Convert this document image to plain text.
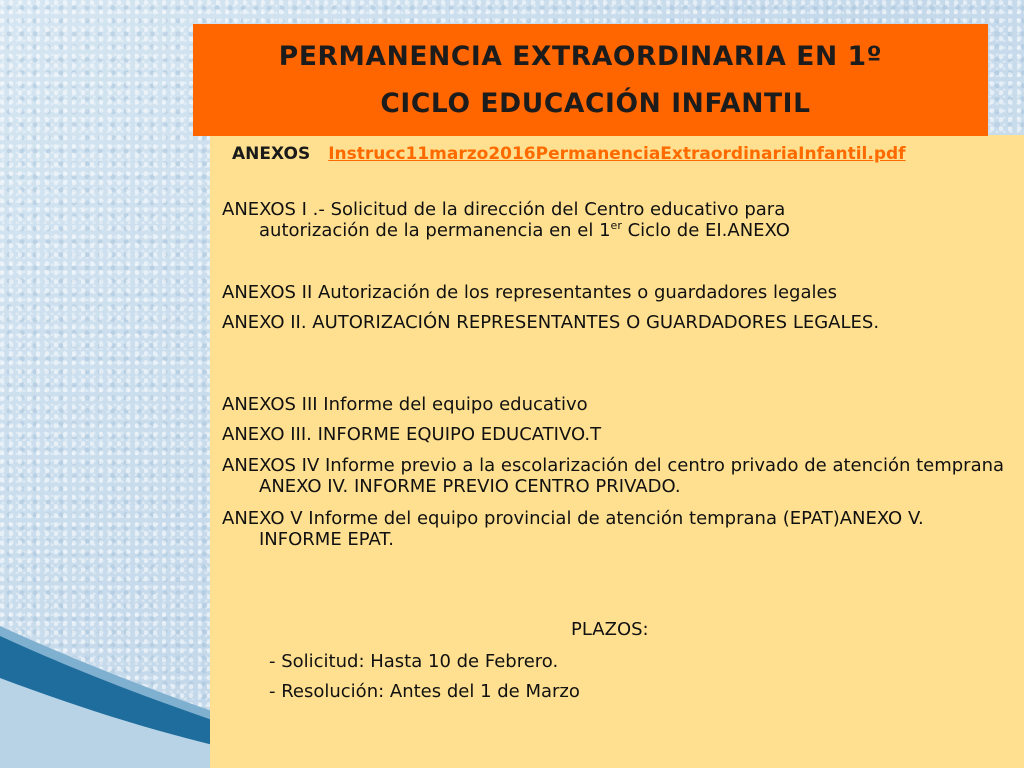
PERMANENCIA EXTRAORDINARIA EN 1º
CICLO EDUCACIÓN INFANTIL
ANEXOS Instrucc11marzo2016PermanenciaExtraordinariaInfantil.pdf
ANEXOS I .- Solicitud de la dirección del Centro educativo para
autorización de la permanencia en el 1er Ciclo de EI.ANEXO
ANEXOS II Autorización de los representantes o guardadores legales
ANEXO II. AUTORIZACIÓN REPRESENTANTES O GUARDADORES LEGALES.
ANEXOS III Informe del equipo educativo
ANEXO III. INFORME EQUIPO EDUCATIVO.T
ANEXOS IV Informe previo a la escolarización del centro privado de atención temprana ANEXO IV. INFORME PREVIO CENTRO PRIVADO.
ANEXO V Informe del equipo provincial de atención temprana (EPAT)ANEXO V. INFORME EPAT.
PLAZOS:
- Solicitud: Hasta 10 de Febrero.
- Resolución: Antes del 1 de Marzo
